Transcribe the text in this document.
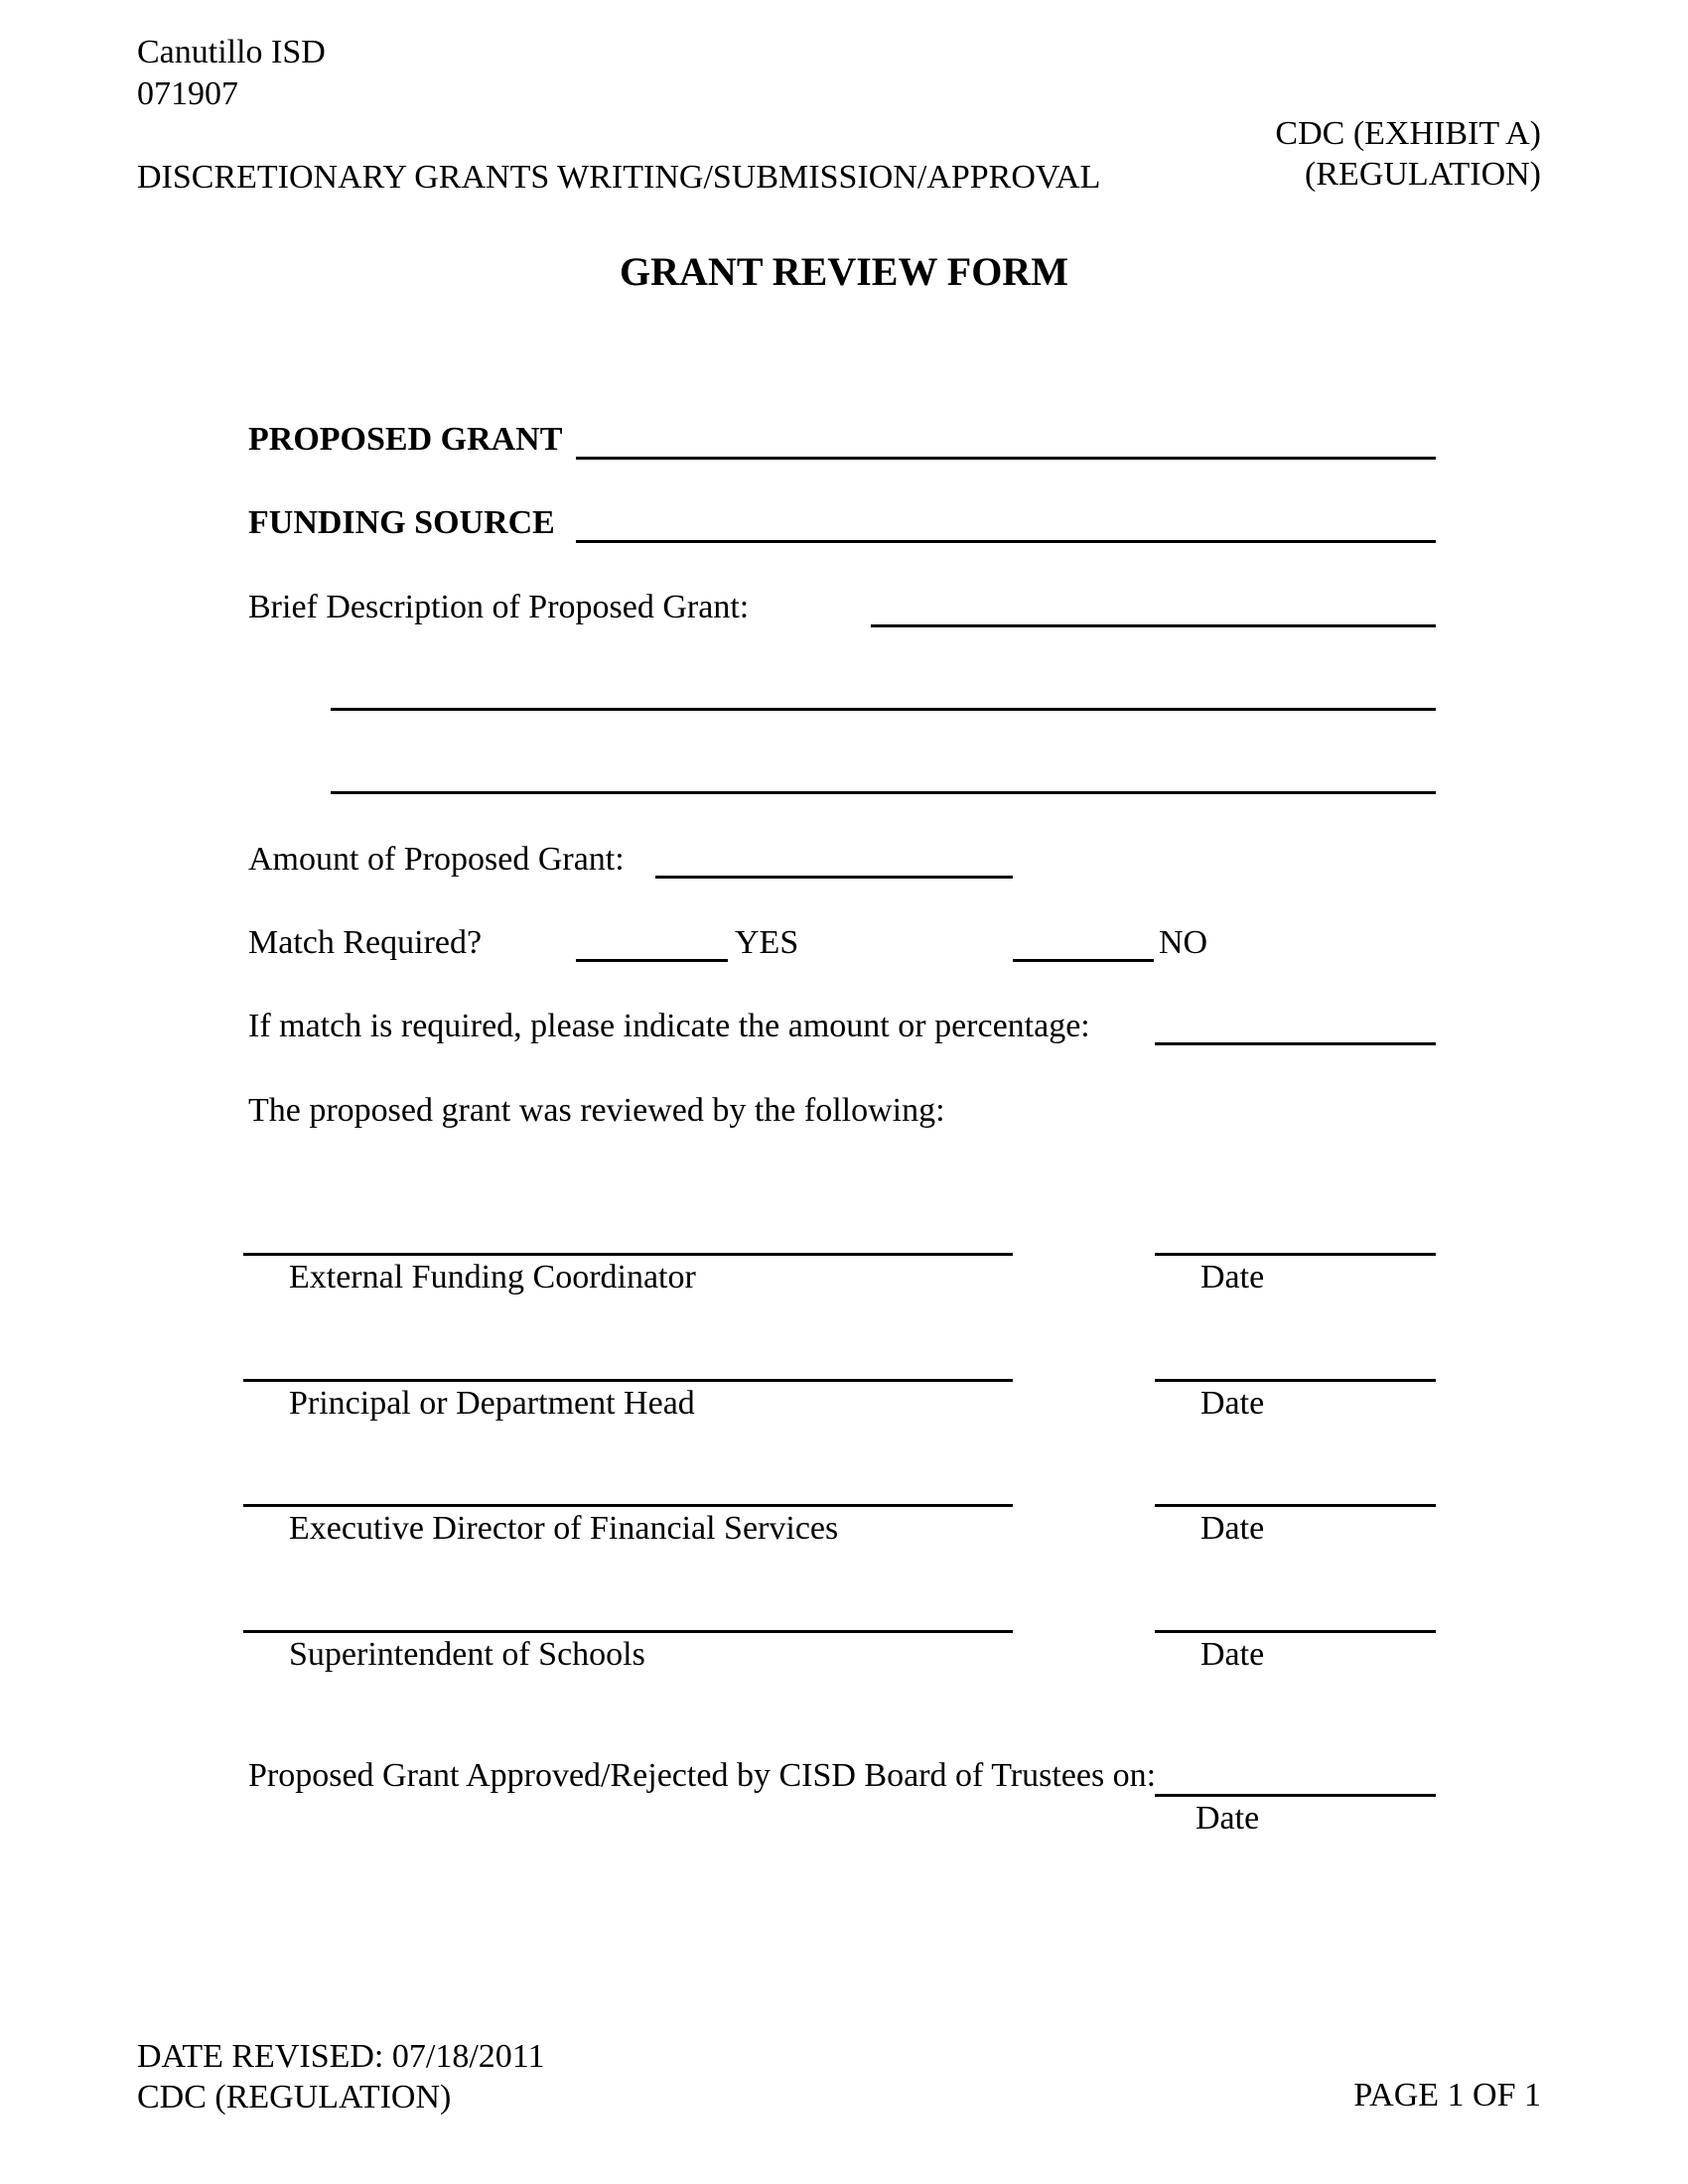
Canutillo ISD
071907
DISCRETIONARY GRANTS WRITING/SUBMISSION/APPROVAL
CDC (EXHIBIT A)
(REGULATION)
GRANT REVIEW FORM
PROPOSED GRANT
FUNDING SOURCE
Brief Description of Proposed Grant:
Amount of Proposed Grant:
Match Required?	YES	NO
If match is required, please indicate the amount or percentage:
The proposed grant was reviewed by the following:
External Funding Coordinator	Date
Principal or Department Head	Date
Executive Director of Financial Services	Date
Superintendent of Schools	Date
Proposed Grant Approved/Rejected by CISD Board of Trustees on:
Date
DATE REVISED: 07/18/2011
CDC (REGULATION)	PAGE 1 OF 1
